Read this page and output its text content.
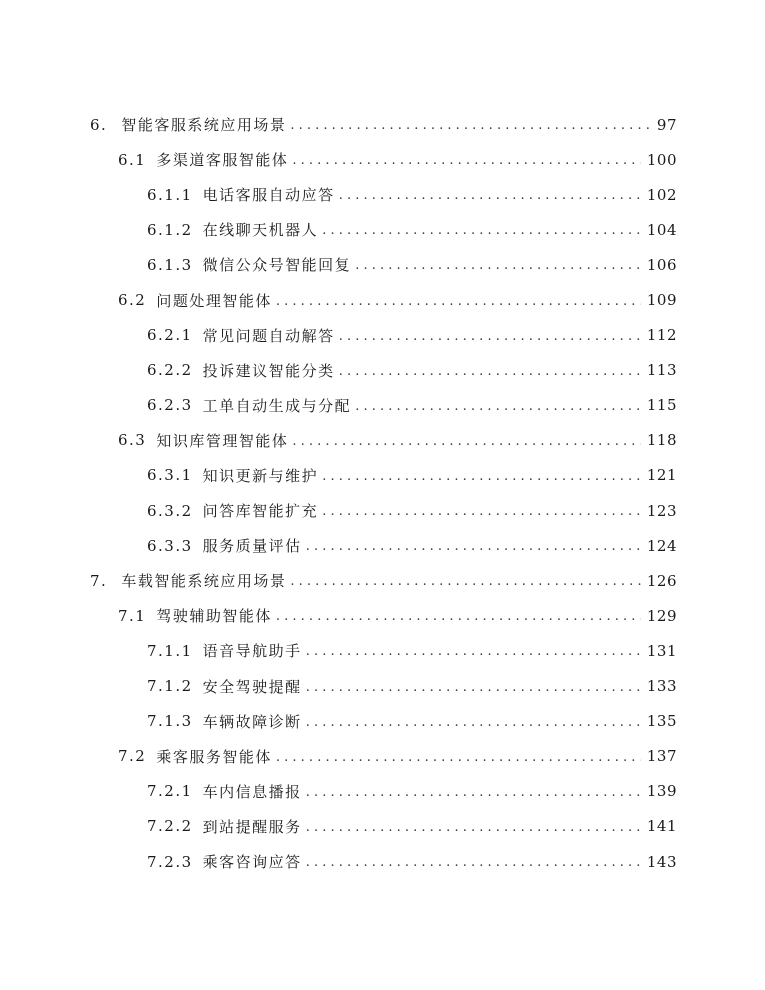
6. 智能客服系统应用场景 . . .	97
6.1 多渠道客服智能体 . . .	100
6.1.1 电话客服自动应答 . . .	102
6.1.2 在线聊天机器人 . . .	104
6.1.3 微信公众号智能回复 . . .	106
6.2 问题处理智能体 . . .	109
6.2.1 常见问题自动解答 . . .	112
6.2.2 投诉建议智能分类 . . .	113
6.2.3 工单自动生成与分配 . . .	115
6.3 知识库管理智能体 . . .	118
6.3.1 知识更新与维护 . . .	121
6.3.2 问答库智能扩充 . . .	123
6.3.3 服务质量评估 . . .	124
7. 车载智能系统应用场景 . . .	126
7.1 驾驶辅助智能体 . . .	129
7.1.1 语音导航助手 . . .	131
7.1.2 安全驾驶提醒 . . .	133
7.1.3 车辆故障诊断 . . .	135
7.2 乘客服务智能体 . . .	137
7.2.1 车内信息播报 . . .	139
7.2.2 到站提醒服务 . . .	141
7.2.3 乘客咨询应答 . . .	143
